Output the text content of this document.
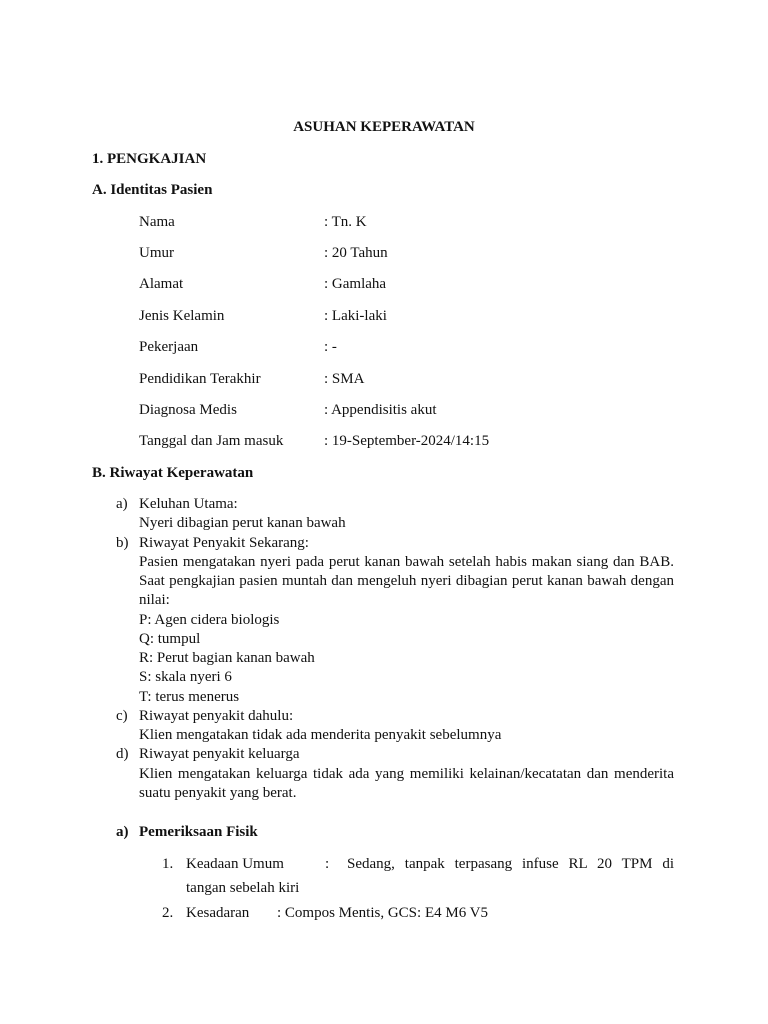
ASUHAN KEPERAWATAN
1. PENGKAJIAN
A. Identitas Pasien
Nama	: Tn. K
Umur	: 20 Tahun
Alamat	: Gamlaha
Jenis Kelamin	: Laki-laki
Pekerjaan	: -
Pendidikan Terakhir	: SMA
Diagnosa Medis	: Appendisitis akut
Tanggal dan Jam masuk	: 19-September-2024/14:15
B. Riwayat Keperawatan
a) Keluhan Utama:
Nyeri dibagian perut kanan bawah
b) Riwayat Penyakit Sekarang:
Pasien mengatakan nyeri pada perut kanan bawah setelah habis makan siang dan BAB. Saat pengkajian pasien muntah dan mengeluh nyeri dibagian perut kanan bawah dengan nilai:
P: Agen cidera biologis
Q: tumpul
R: Perut bagian kanan bawah
S: skala nyeri 6
T: terus menerus
c) Riwayat penyakit dahulu:
Klien mengatakan tidak ada menderita penyakit sebelumnya
d) Riwayat penyakit keluarga
Klien mengatakan keluarga tidak ada yang memiliki kelainan/kecatatan dan menderita suatu penyakit yang berat.
a) Pemeriksaan Fisik
1. Keadaan Umum	: Sedang, tanpak terpasang infuse RL 20 TPM di
tangan sebelah kiri
2. Kesadaran : Compos Mentis, GCS: E4 M6 V5
